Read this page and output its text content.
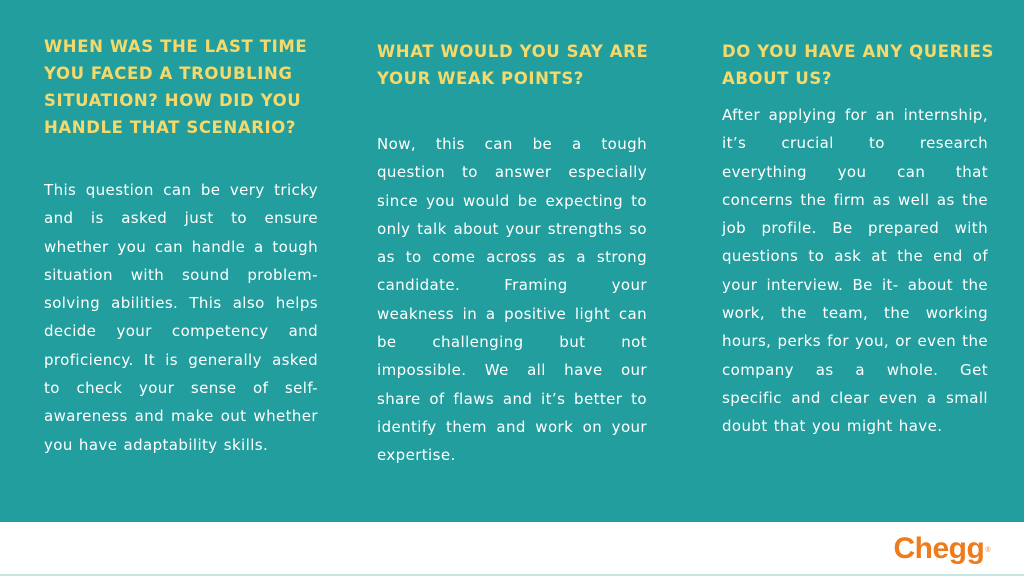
WHEN WAS THE LAST TIME YOU FACED A TROUBLING SITUATION? HOW DID YOU HANDLE THAT SCENARIO?

This question can be very tricky and is asked just to ensure whether you can handle a tough situation with sound problem-solving abilities. This also helps decide your competency and proficiency. It is generally asked to check your sense of self-awareness and make out whether you have adaptability skills.

WHAT WOULD YOU SAY ARE YOUR WEAK POINTS?

Now, this can be a tough question to answer especially since you would be expecting to only talk about your strengths so as to come across as a strong candidate. Framing your weakness in a positive light can be challenging but not impossible. We all have our share of flaws and it’s better to identify them and work on your expertise.

DO YOU HAVE ANY QUERIES ABOUT US?

After applying for an internship, it’s crucial to research everything you can that concerns the firm as well as the job profile. Be prepared with questions to ask at the end of your interview. Be it- about the work, the team, the working hours, perks for you, or even the company as a whole. Get specific and clear even a small doubt that you might have.

Chegg®
